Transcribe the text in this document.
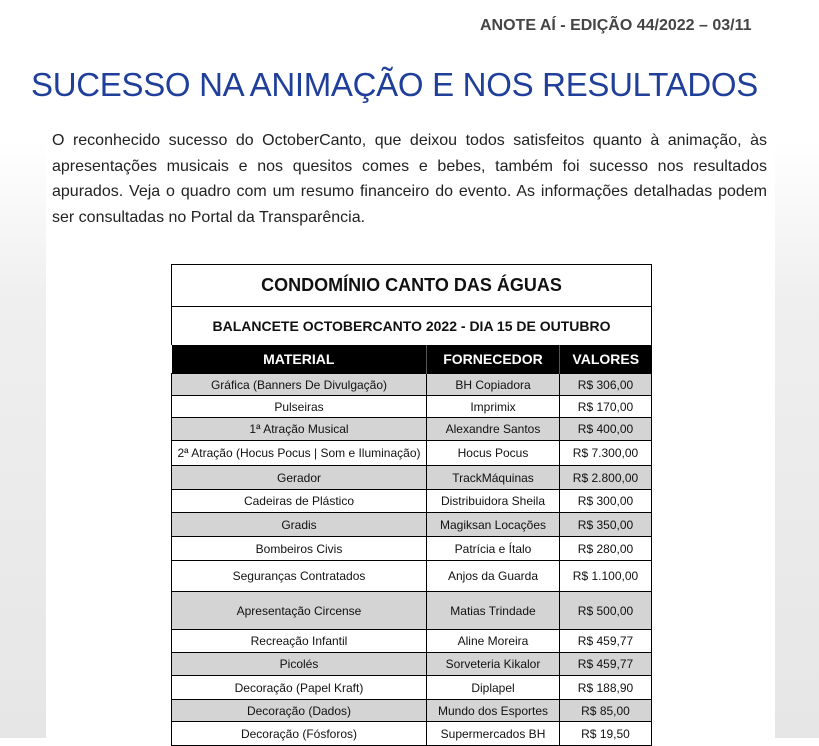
ANOTE AÍ - EDIÇÃO 44/2022 – 03/11
SUCESSO NA ANIMAÇÃO E NOS RESULTADOS

O reconhecido sucesso do OctoberCanto, que deixou todos satisfeitos quanto à animação, às apresentações musicais e nos quesitos comes e bebes, também foi sucesso nos resultados apurados. Veja o quadro com um resumo financeiro do evento. As informações detalhadas podem ser consultadas no Portal da Transparência.

CONDOMÍNIO CANTO DAS ÁGUAS		
BALANCETE OCTOBERCANTO 2022 - DIA 15 DE OUTUBRO		
MATERIAL	FORNECEDOR	VALORES
Gráfica (Banners De Divulgação)	BH Copiadora	R$ 306,00
Pulseiras	Imprimix	R$ 170,00
1ª Atração Musical	Alexandre Santos	R$ 400,00
2ª Atração (Hocus Pocus | Som e Iluminação)	Hocus Pocus	R$ 7.300,00
Gerador	TrackMáquinas	R$ 2.800,00
Cadeiras de Plástico	Distribuidora Sheila	R$ 300,00
Gradis	Magiksan Locações	R$ 350,00
Bombeiros Civis	Patrícia e Ítalo	R$ 280,00
Seguranças Contratados	Anjos da Guarda	R$ 1.100,00
Apresentação Circense	Matias Trindade	R$ 500,00
Recreação Infantil	Aline Moreira	R$ 459,77
Picolés	Sorveteria Kikalor	R$ 459,77
Decoração (Papel Kraft)	Diplapel	R$ 188,90
Decoração (Dados)	Mundo dos Esportes	R$ 85,00
Decoração (Fósforos)	Supermercados BH	R$ 19,50
